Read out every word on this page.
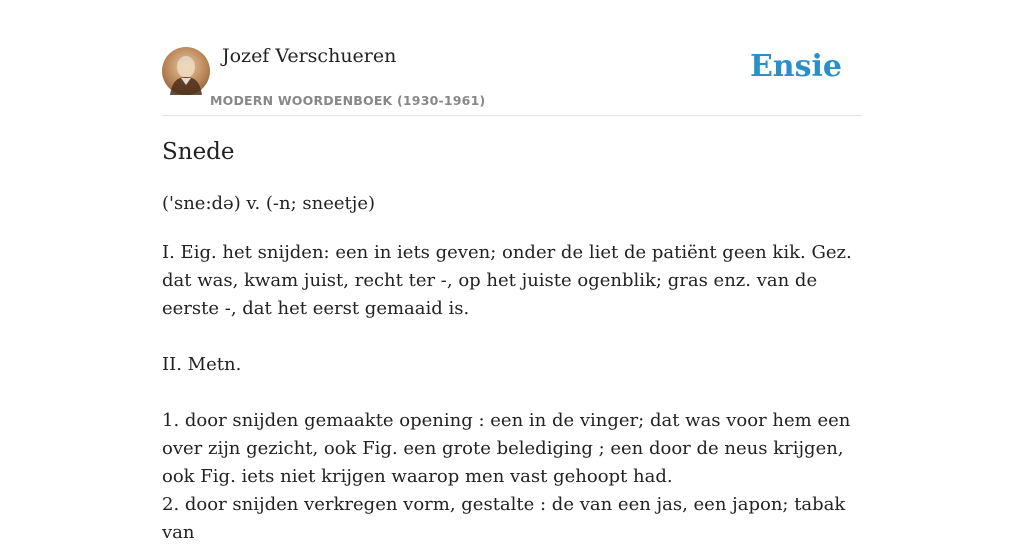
Jozef Verschueren
MODERN WOORDENBOEK (1930-1961)
Ensie
Snede
('sne:də) v. (-n; sneetje)

I. Eig. het snijden: een in iets geven; onder de liet de patiënt geen kik. Gez. dat was, kwam juist, recht ter -, op het juiste ogenblik; gras enz. van de eerste -, dat het eerst gemaaid is.

II. Metn.

1. door snijden gemaakte opening : een in de vinger; dat was voor hem een over zijn gezicht, ook Fig. een grote belediging ; een door de neus krijgen, ook Fig. iets niet krijgen waarop men vast gehoopt had.

2. door snijden verkregen vorm, gestalte : de van een jas, een japon; tabak van
